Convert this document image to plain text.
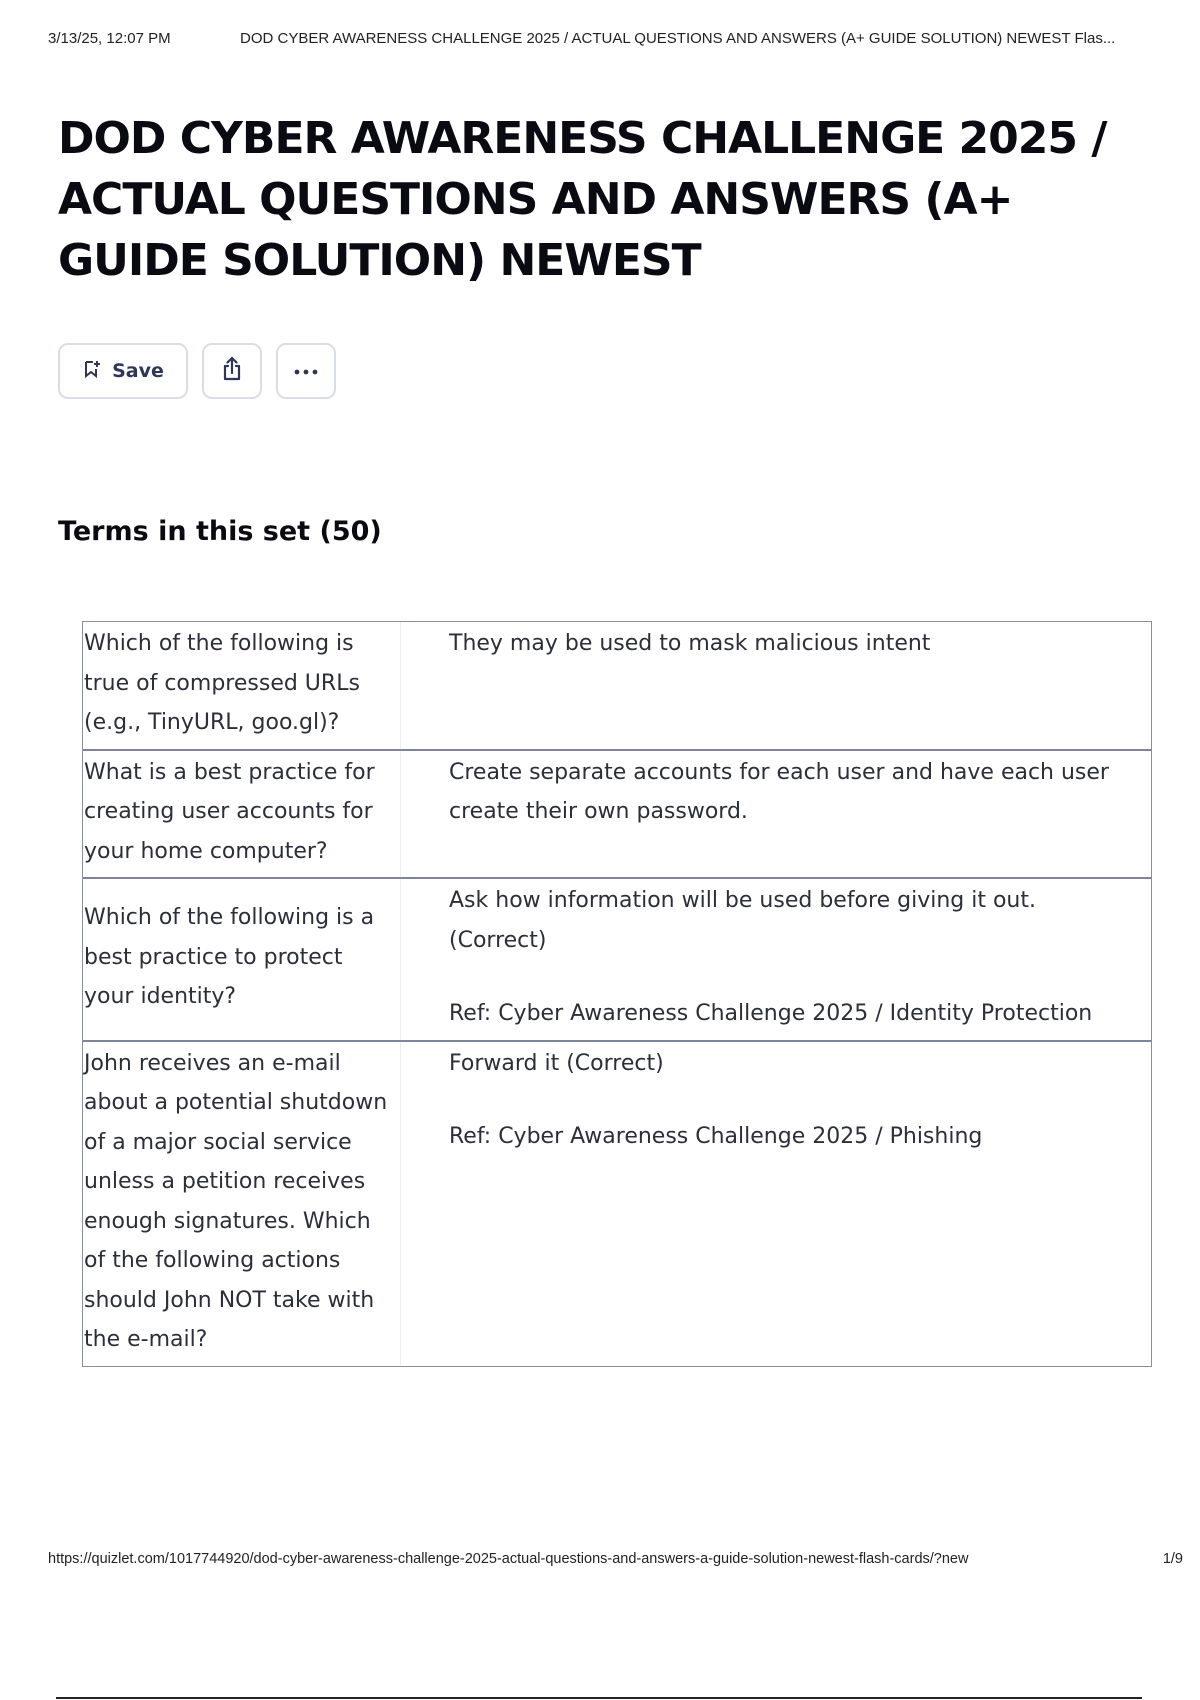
3/13/25, 12:07 PM	DOD CYBER AWARENESS CHALLENGE 2025 / ACTUAL QUESTIONS AND ANSWERS (A+ GUIDE SOLUTION) NEWEST Flas...
DOD CYBER AWARENESS CHALLENGE 2025 / ACTUAL QUESTIONS AND ANSWERS (A+ GUIDE SOLUTION) NEWEST
Save
Terms in this set (50)
Which of the following is true of compressed URLs (e.g., TinyURL, goo.gl)?
They may be used to mask malicious intent
What is a best practice for creating user accounts for your home computer?
Create separate accounts for each user and have each user create their own password.
Which of the following is a best practice to protect your identity?
Ask how information will be used before giving it out. (Correct)
Ref: Cyber Awareness Challenge 2025 / Identity Protection
John receives an e-mail about a potential shutdown of a major social service unless a petition receives enough signatures. Which of the following actions should John NOT take with the e-mail?
Forward it (Correct)
Ref: Cyber Awareness Challenge 2025 / Phishing
https://quizlet.com/1017744920/dod-cyber-awareness-challenge-2025-actual-questions-and-answers-a-guide-solution-newest-flash-cards/?new	1/9
